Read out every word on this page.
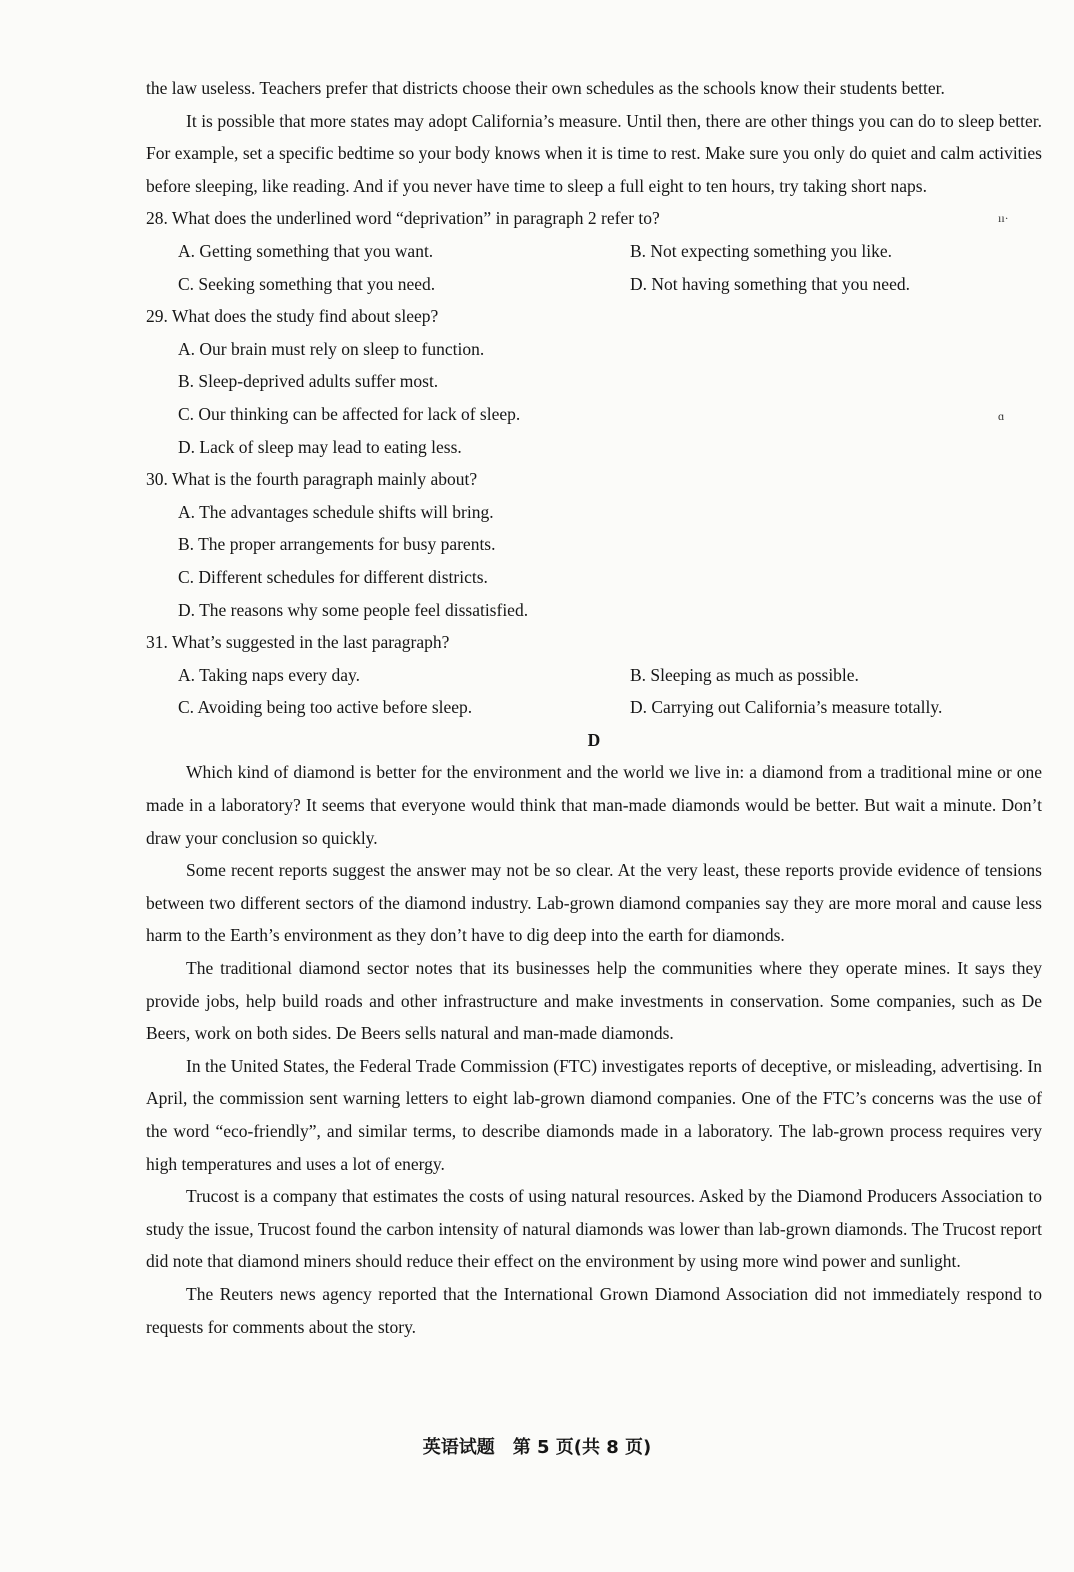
ıı·
ɑ

the law useless. Teachers prefer that districts choose their own schedules as the schools know their students better.

It is possible that more states may adopt California’s measure. Until then, there are other things you can do to sleep better. For example, set a specific bedtime so your body knows when it is time to rest. Make sure you only do quiet and calm activities before sleeping, like reading. And if you never have time to sleep a full eight to ten hours, try taking short naps.

28. What does the underlined word “deprivation” in paragraph 2 refer to?

A. Getting something that you want.	B. Not expecting something you like.

C. Seeking something that you need.	D. Not having something that you need.

29. What does the study find about sleep?

A. Our brain must rely on sleep to function.

B. Sleep-deprived adults suffer most.

C. Our thinking can be affected for lack of sleep.

D. Lack of sleep may lead to eating less.

30. What is the fourth paragraph mainly about?

A. The advantages schedule shifts will bring.

B. The proper arrangements for busy parents.

C. Different schedules for different districts.

D. The reasons why some people feel dissatisfied.

31. What’s suggested in the last paragraph?

A. Taking naps every day.	B. Sleeping as much as possible.

C. Avoiding being too active before sleep.	D. Carrying out California’s measure totally.

D

Which kind of diamond is better for the environment and the world we live in: a diamond from a traditional mine or one made in a laboratory? It seems that everyone would think that man-made diamonds would be better. But wait a minute. Don’t draw your conclusion so quickly.

Some recent reports suggest the answer may not be so clear. At the very least, these reports provide evidence of tensions between two different sectors of the diamond industry. Lab-grown diamond companies say they are more moral and cause less harm to the Earth’s environment as they don’t have to dig deep into the earth for diamonds.

The traditional diamond sector notes that its businesses help the communities where they operate mines. It says they provide jobs, help build roads and other infrastructure and make investments in conservation. Some companies, such as De Beers, work on both sides. De Beers sells natural and man-made diamonds.

In the United States, the Federal Trade Commission (FTC) investigates reports of deceptive, or misleading, advertising. In April, the commission sent warning letters to eight lab-grown diamond companies. One of the FTC’s concerns was the use of the word “eco-friendly”, and similar terms, to describe diamonds made in a laboratory. The lab-grown process requires very high temperatures and uses a lot of energy.

Trucost is a company that estimates the costs of using natural resources. Asked by the Diamond Producers Association to study the issue, Trucost found the carbon intensity of natural diamonds was lower than lab-grown diamonds. The Trucost report did note that diamond miners should reduce their effect on the environment by using more wind power and sunlight.

The Reuters news agency reported that the International Grown Diamond Association did not immediately respond to requests for comments about the story.

英语试题　第 5 页(共 8 页)
